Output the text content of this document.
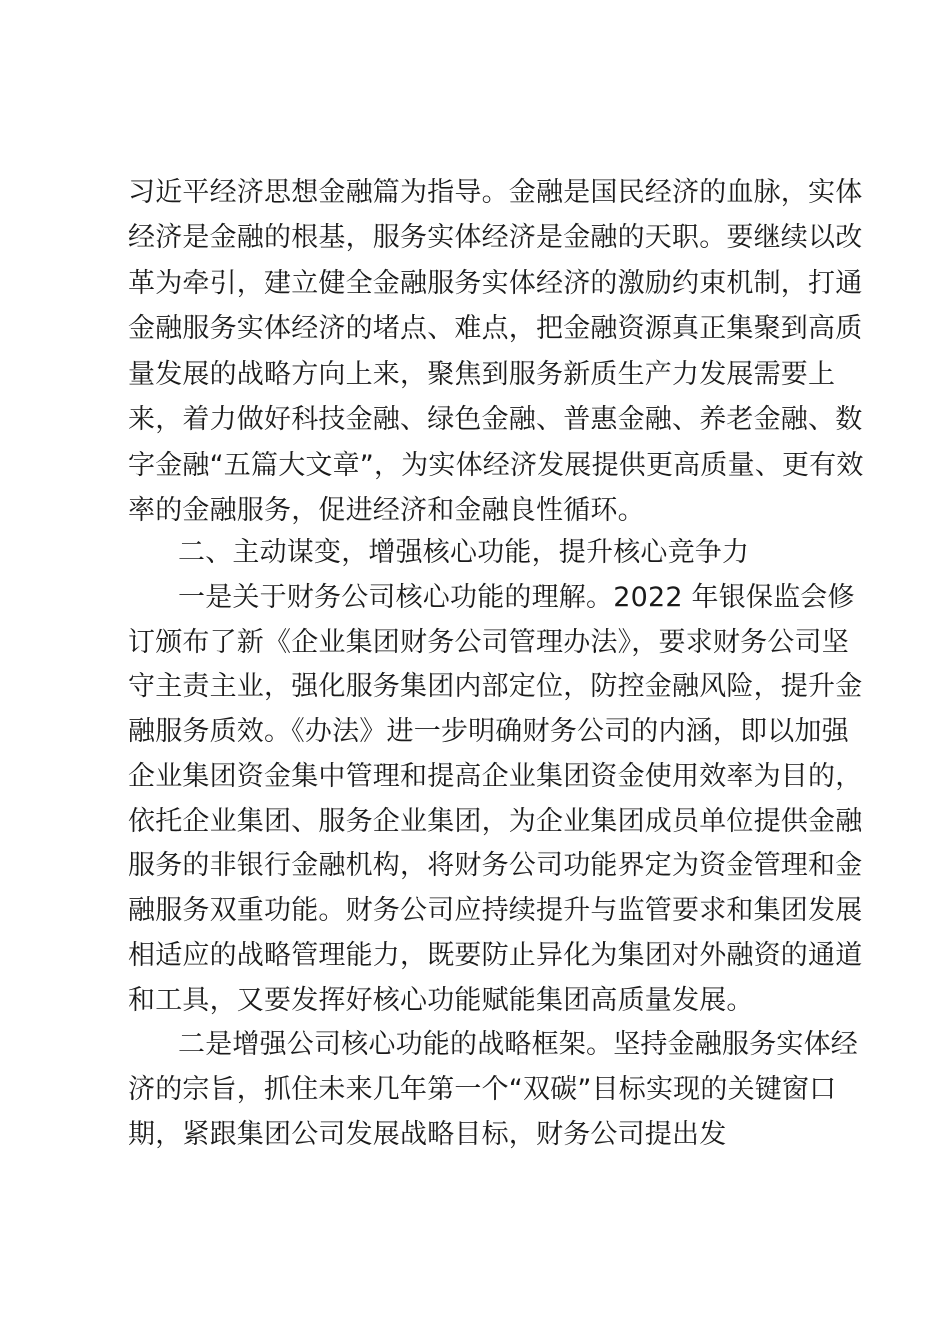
习近平经济思想金融篇为指导。金融是国民经济的血脉，实体
经济是金融的根基，服务实体经济是金融的天职。要继续以改
革为牵引，建立健全金融服务实体经济的激励约束机制，打通
金融服务实体经济的堵点、难点，把金融资源真正集聚到高质
量发展的战略方向上来，聚焦到服务新质生产力发展需要上
来，着力做好科技金融、绿色金融、普惠金融、养老金融、数
字金融“五篇大文章”，为实体经济发展提供更高质量、更有效
率的金融服务，促进经济和金融良性循环。
二、主动谋变，增强核心功能，提升核心竞争力
一是关于财务公司核心功能的理解。2022 年银保监会修
订颁布了新《企业集团财务公司管理办法》，要求财务公司坚
守主责主业，强化服务集团内部定位，防控金融风险，提升金
融服务质效。《办法》进一步明确财务公司的内涵，即以加强
企业集团资金集中管理和提高企业集团资金使用效率为目的，
依托企业集团、服务企业集团，为企业集团成员单位提供金融
服务的非银行金融机构，将财务公司功能界定为资金管理和金
融服务双重功能。财务公司应持续提升与监管要求和集团发展
相适应的战略管理能力，既要防止异化为集团对外融资的通道
和工具，又要发挥好核心功能赋能集团高质量发展。
二是增强公司核心功能的战略框架。坚持金融服务实体经
济的宗旨，抓住未来几年第一个“双碳”目标实现的关键窗口
期，紧跟集团公司发展战略目标，财务公司提出发
